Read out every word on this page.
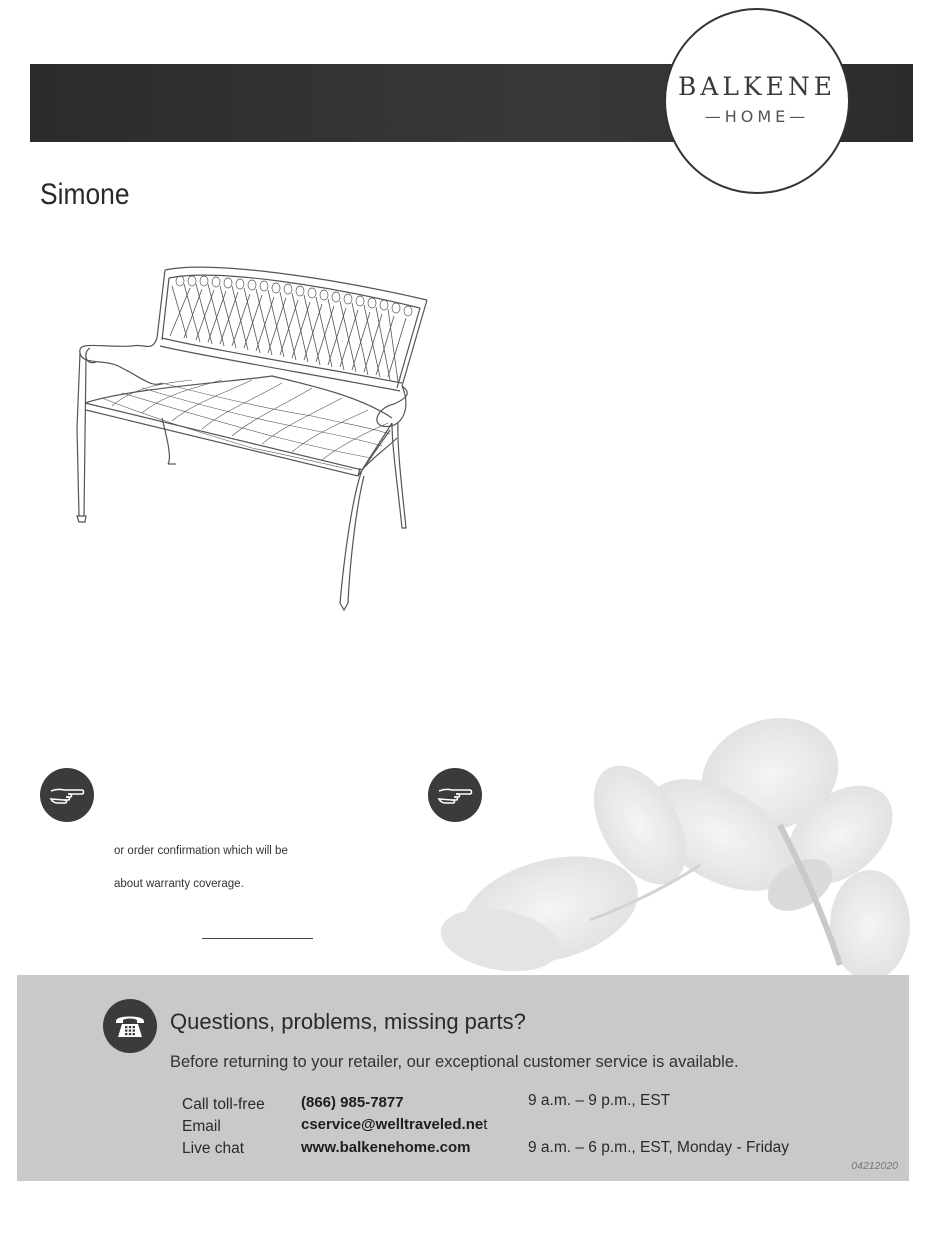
BALKENE
—HOME—
Simone
or order confirmation which will be
about warranty coverage.
Questions, problems, missing parts?
Before returning to your retailer, our exceptional customer service is available.
Call toll-free (866) 985-7877	9 a.m. – 9 p.m., EST
Email	cservice@welltraveled.net
Live chat	www.balkenehome.com	9 a.m. – 6 p.m., EST, Monday - Friday
04212020
